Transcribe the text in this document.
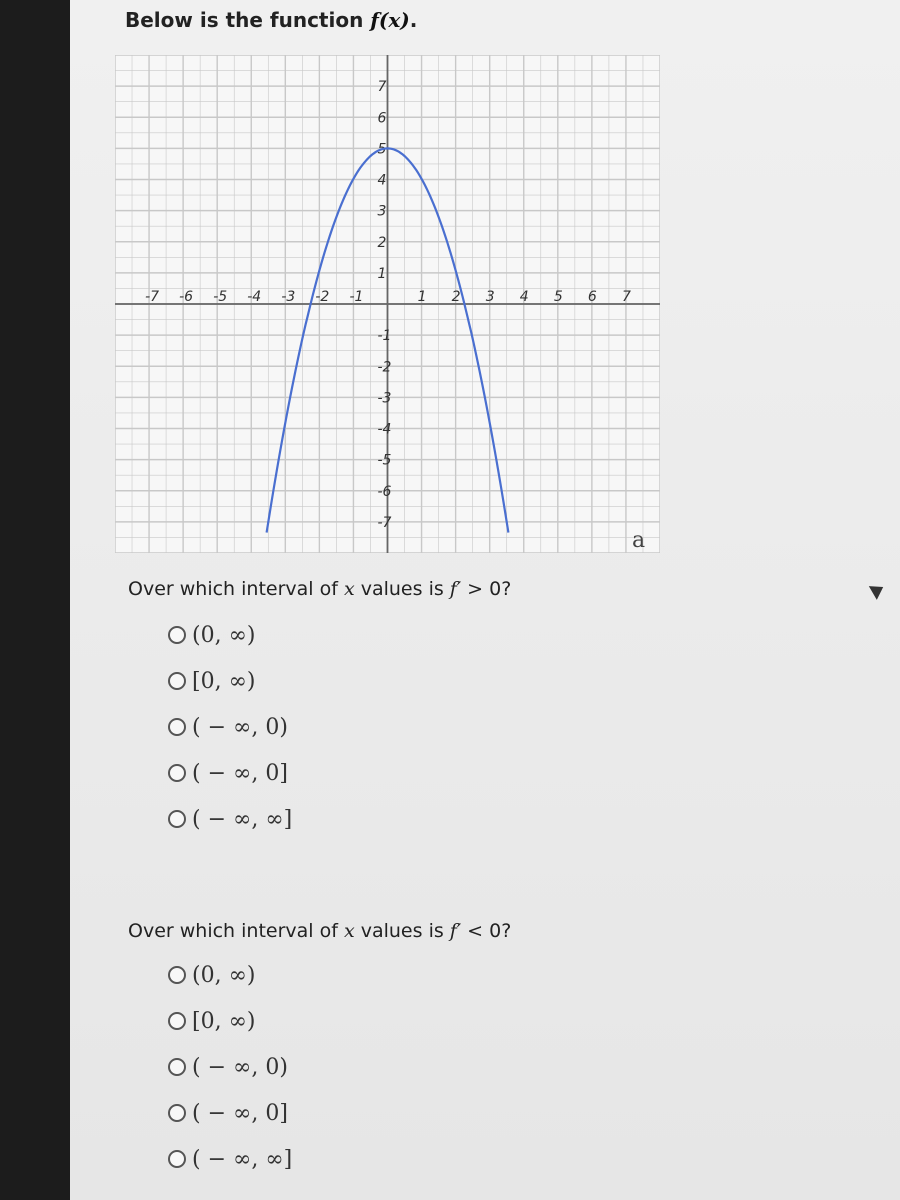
Below is the function f(x).
-7 -6 -5 -4 -3 -2 -1	1 2 3 4 5 6 7
7
6
5
4
3
2
1
-1
-2
-3
-4
-5
-6
-7
a
Over which interval of x values is f′ > 0?
(0, ∞)
[0, ∞)
( − ∞, 0)
( − ∞, 0]
( − ∞, ∞]
Over which interval of x values is f′ < 0?
(0, ∞)
[0, ∞)
( − ∞, 0)
( − ∞, 0]
( − ∞, ∞]
